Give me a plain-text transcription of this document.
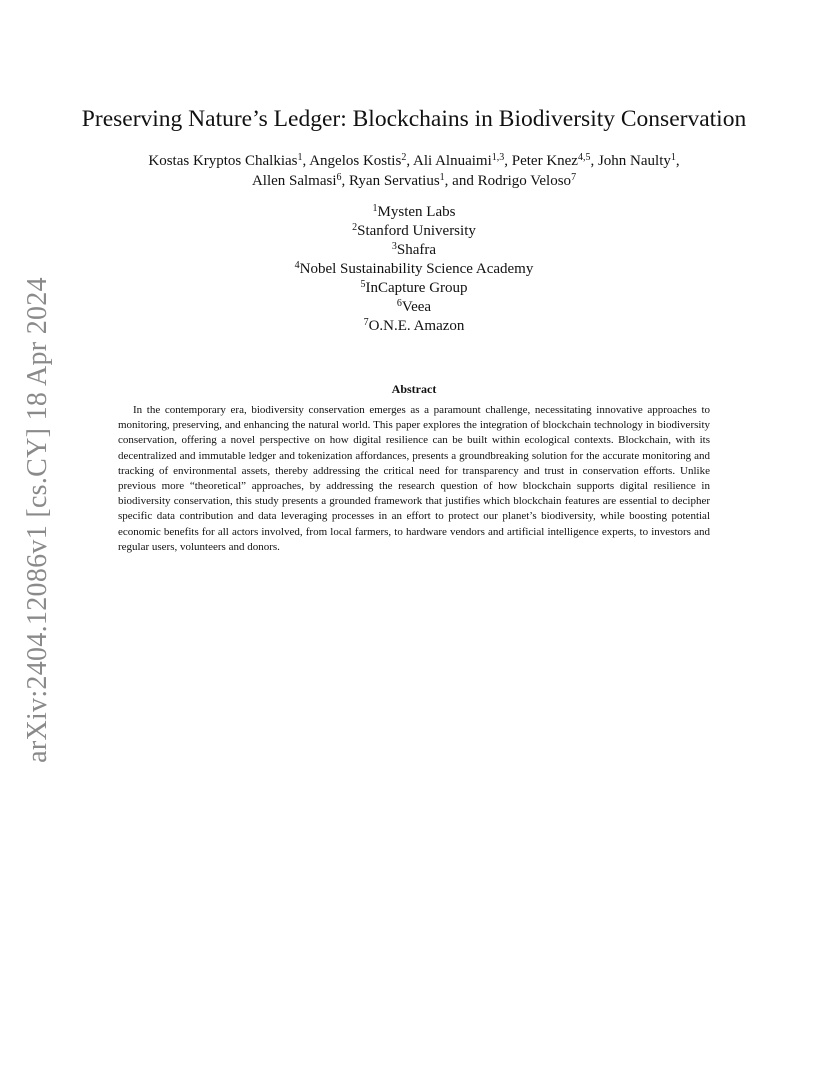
arXiv:2404.12086v1 [cs.CY] 18 Apr 2024
Preserving Nature’s Ledger: Blockchains in Biodiversity Conservation
Kostas Kryptos Chalkias$^1$, Angelos Kostis$^2$, Ali Alnuaimi$^{1,3}$, Peter Knez$^{4,5}$, John Naulty$^1$,
Allen Salmasi$^6$, Ryan Servatius$^1$, and Rodrigo Veloso$^7$
$^1$Mysten Labs
$^2$Stanford University
$^3$Shafra
$^4$Nobel Sustainability Science Academy
$^5$InCapture Group
$^6$Veea
$^7$O.N.E. Amazon
Abstract

In the contemporary era, biodiversity conservation emerges as a paramount challenge, necessitating innovative approaches to monitoring, preserving, and enhancing the natural world. This paper explores the integration of blockchain technology in biodiversity conservation, offering a novel perspective on how digital resilience can be built within ecological contexts. Blockchain, with its decentralized and immutable ledger and tokenization affordances, presents a groundbreaking solution for the accurate monitoring and tracking of environmental assets, thereby addressing the critical need for transparency and trust in conservation efforts. Unlike previous more “theoretical” approaches, by addressing the research question of how blockchain supports digital resilience in biodiversity conservation, this study presents a grounded framework that justifies which blockchain features are essential to decipher specific data contribution and data leveraging processes in an effort to protect our planet’s biodiversity, while boosting potential economic benefits for all actors involved, from local farmers, to hardware vendors and artificial intelligence experts, to investors and regular users, volunteers and donors.
